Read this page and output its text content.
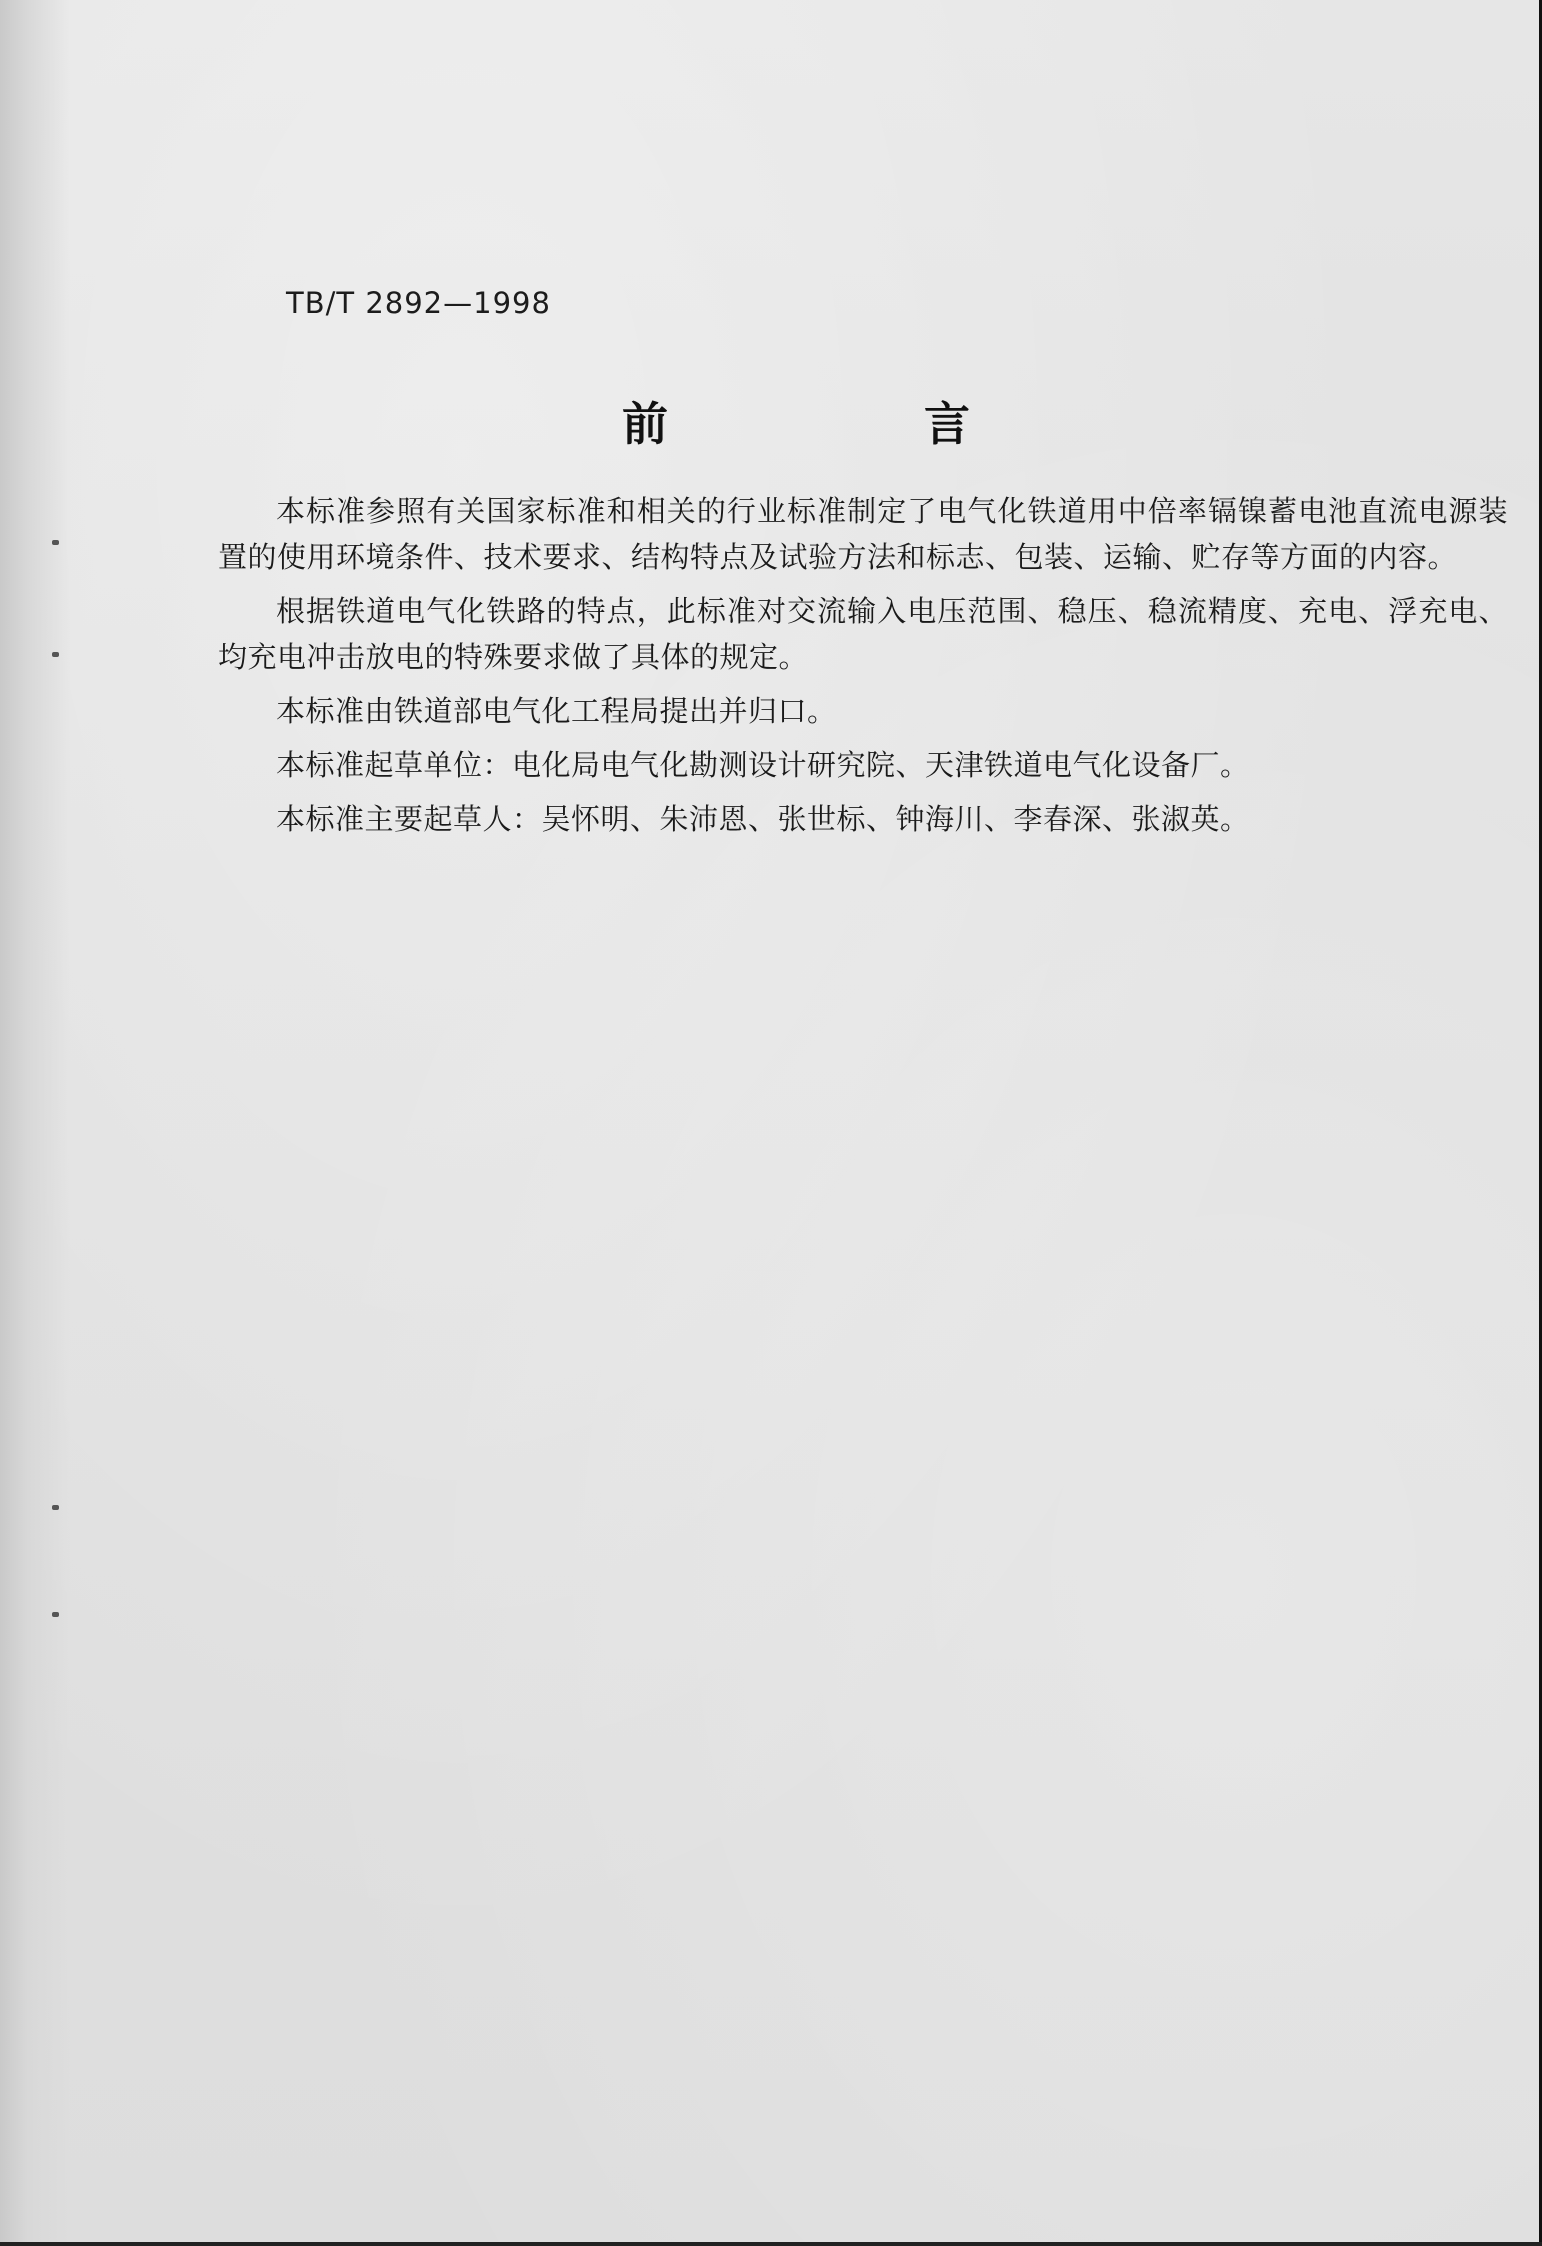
TB/T 2892—1998
前 言

本标准参照有关国家标准和相关的行业标准制定了电气化铁道用中倍率镉镍蓄电池直流电源装置的使用环境条件、技术要求、结构特点及试验方法和标志、包装、运输、贮存等方面的内容。

根据铁道电气化铁路的特点，此标准对交流输入电压范围、稳压、稳流精度、充电、浮充电、均充电冲击放电的特殊要求做了具体的规定。

本标准由铁道部电气化工程局提出并归口。

本标准起草单位：电化局电气化勘测设计研究院、天津铁道电气化设备厂。

本标准主要起草人：吴怀明、朱沛恩、张世标、钟海川、李春深、张淑英。
